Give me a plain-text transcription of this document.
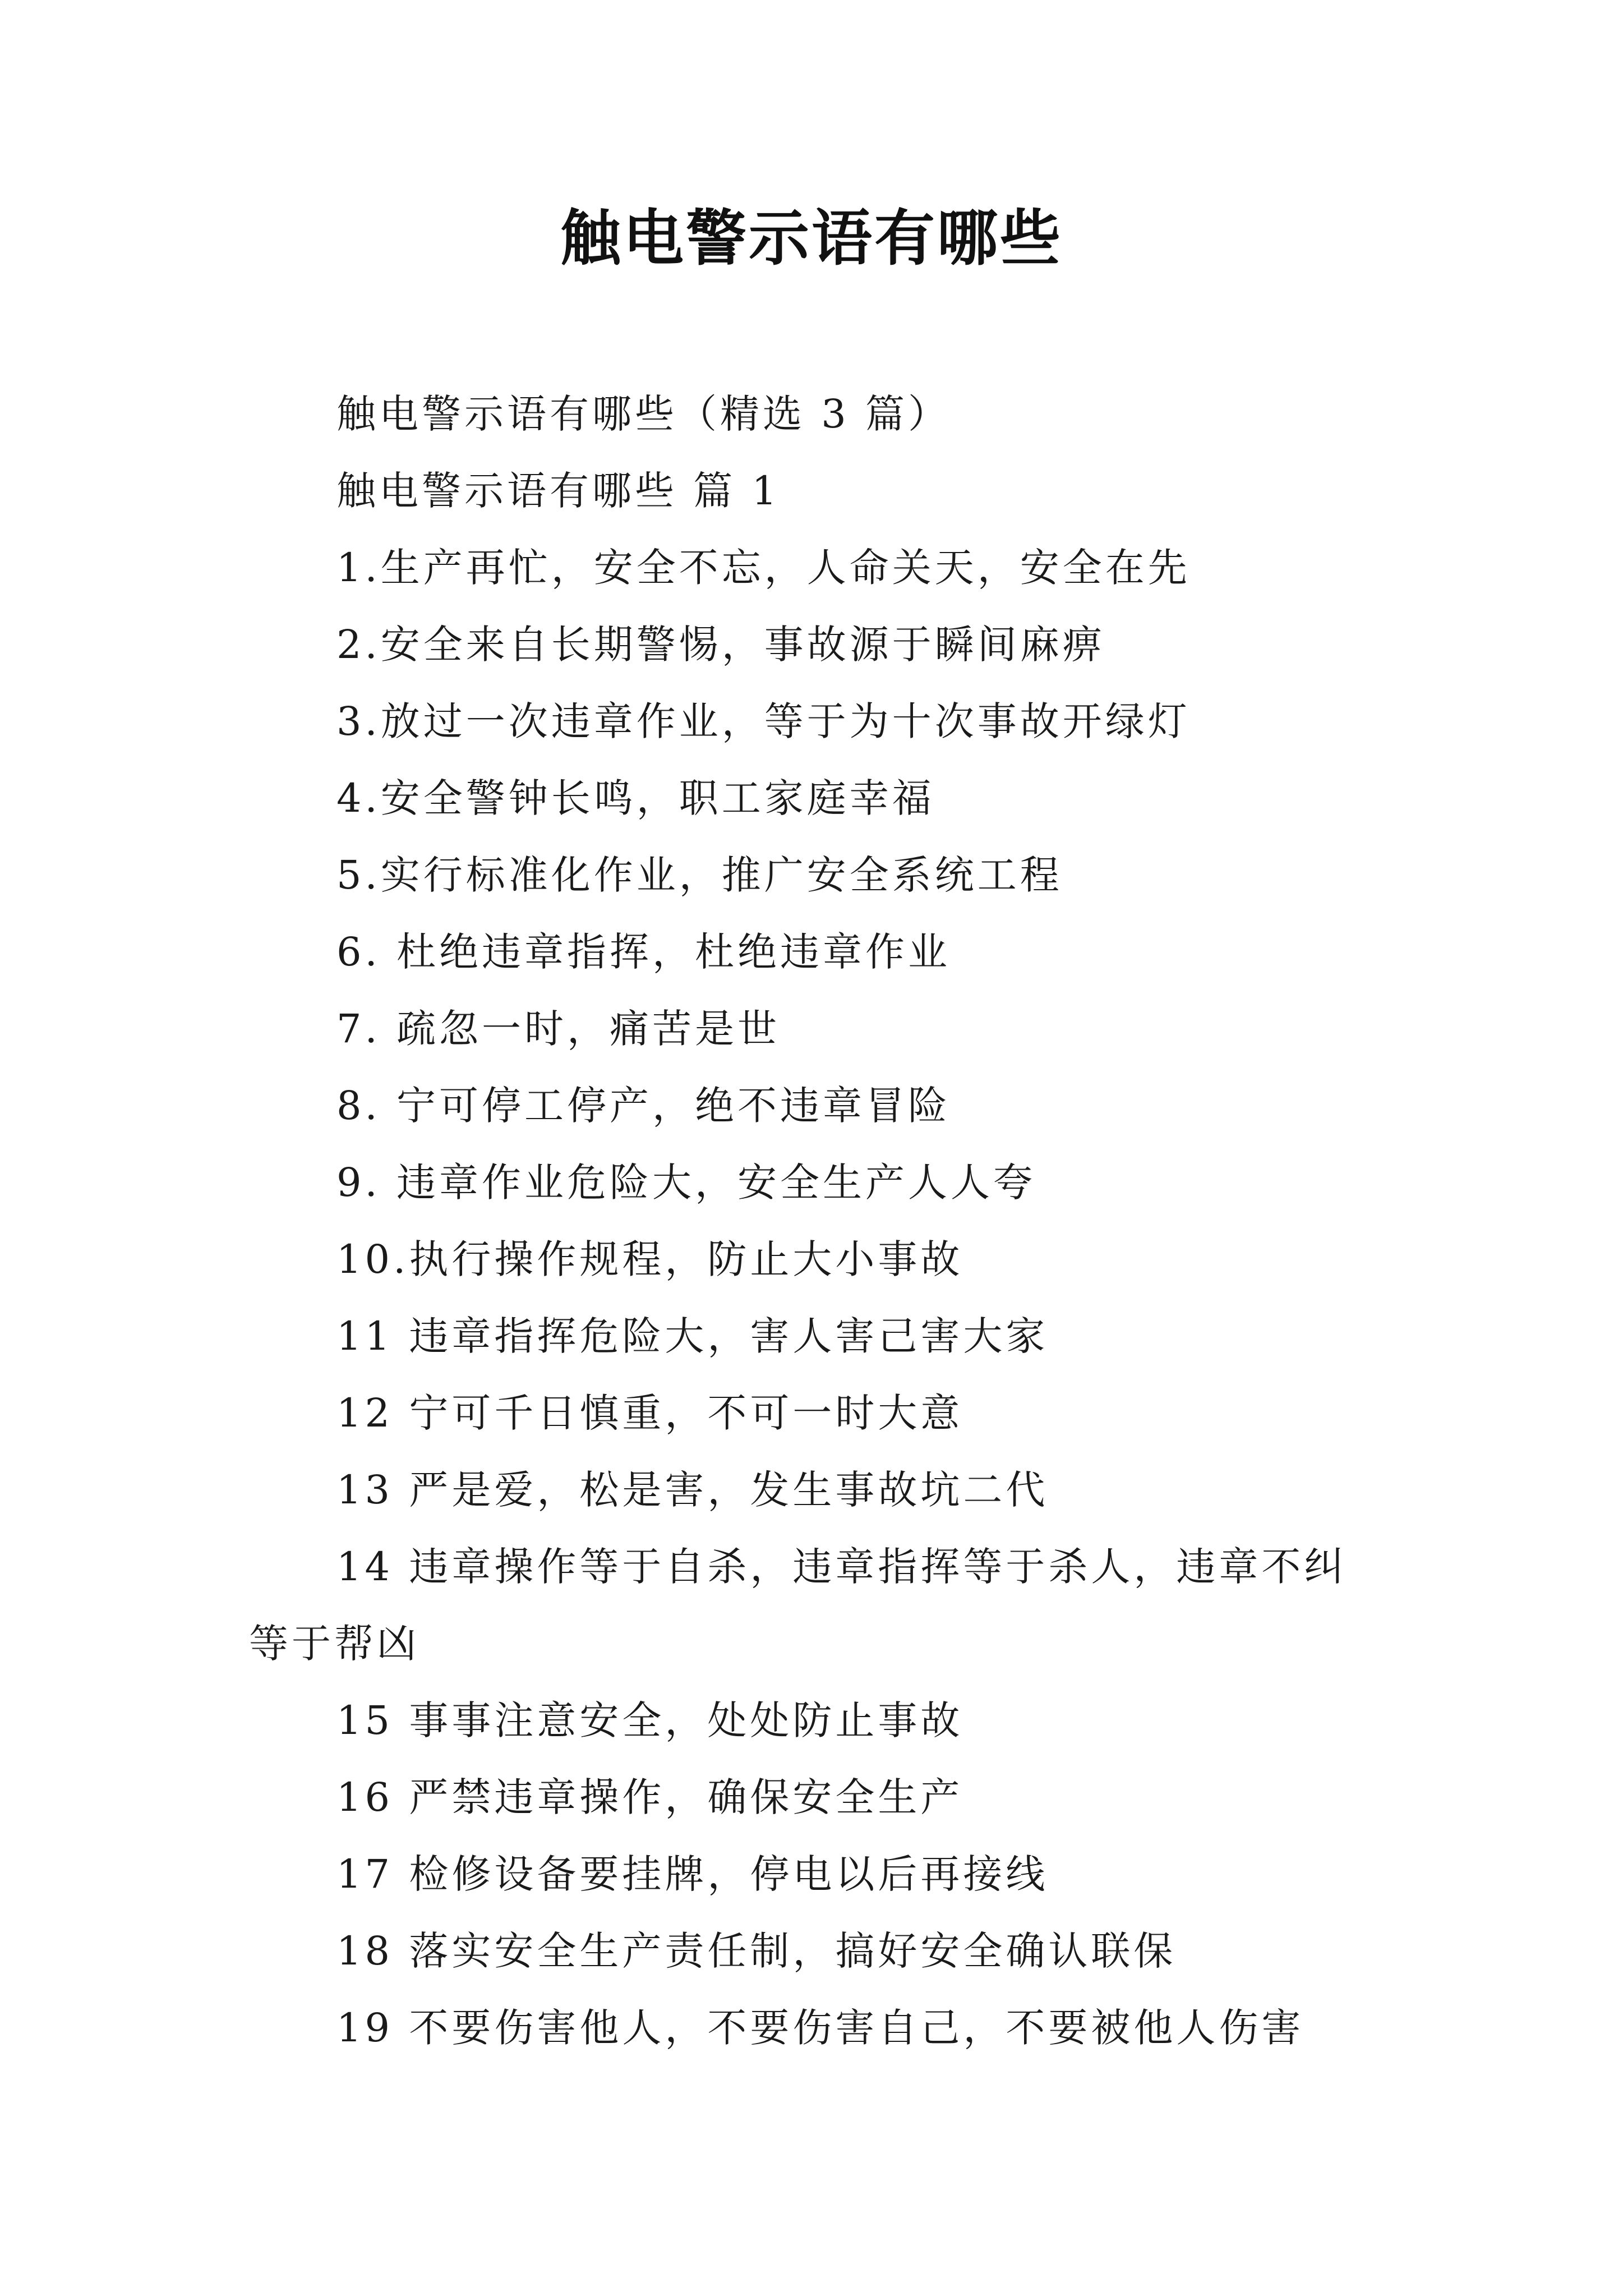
触电警示语有哪些
触电警示语有哪些（精选 3 篇）
触电警示语有哪些 篇 1
1.生产再忙，安全不忘，人命关天，安全在先
2.安全来自长期警惕，事故源于瞬间麻痹
3.放过一次违章作业，等于为十次事故开绿灯
4.安全警钟长鸣，职工家庭幸福
5.实行标准化作业，推广安全系统工程
6. 杜绝违章指挥，杜绝违章作业
7. 疏忽一时，痛苦是世
8. 宁可停工停产，绝不违章冒险
9. 违章作业危险大，安全生产人人夸
10.执行操作规程，防止大小事故
11 违章指挥危险大，害人害己害大家
12 宁可千日慎重，不可一时大意
13 严是爱，松是害，发生事故坑二代
14 违章操作等于自杀，违章指挥等于杀人，违章不纠等于帮凶
15 事事注意安全，处处防止事故
16 严禁违章操作，确保安全生产
17 检修设备要挂牌，停电以后再接线
18 落实安全生产责任制，搞好安全确认联保
19 不要伤害他人，不要伤害自己，不要被他人伤害
